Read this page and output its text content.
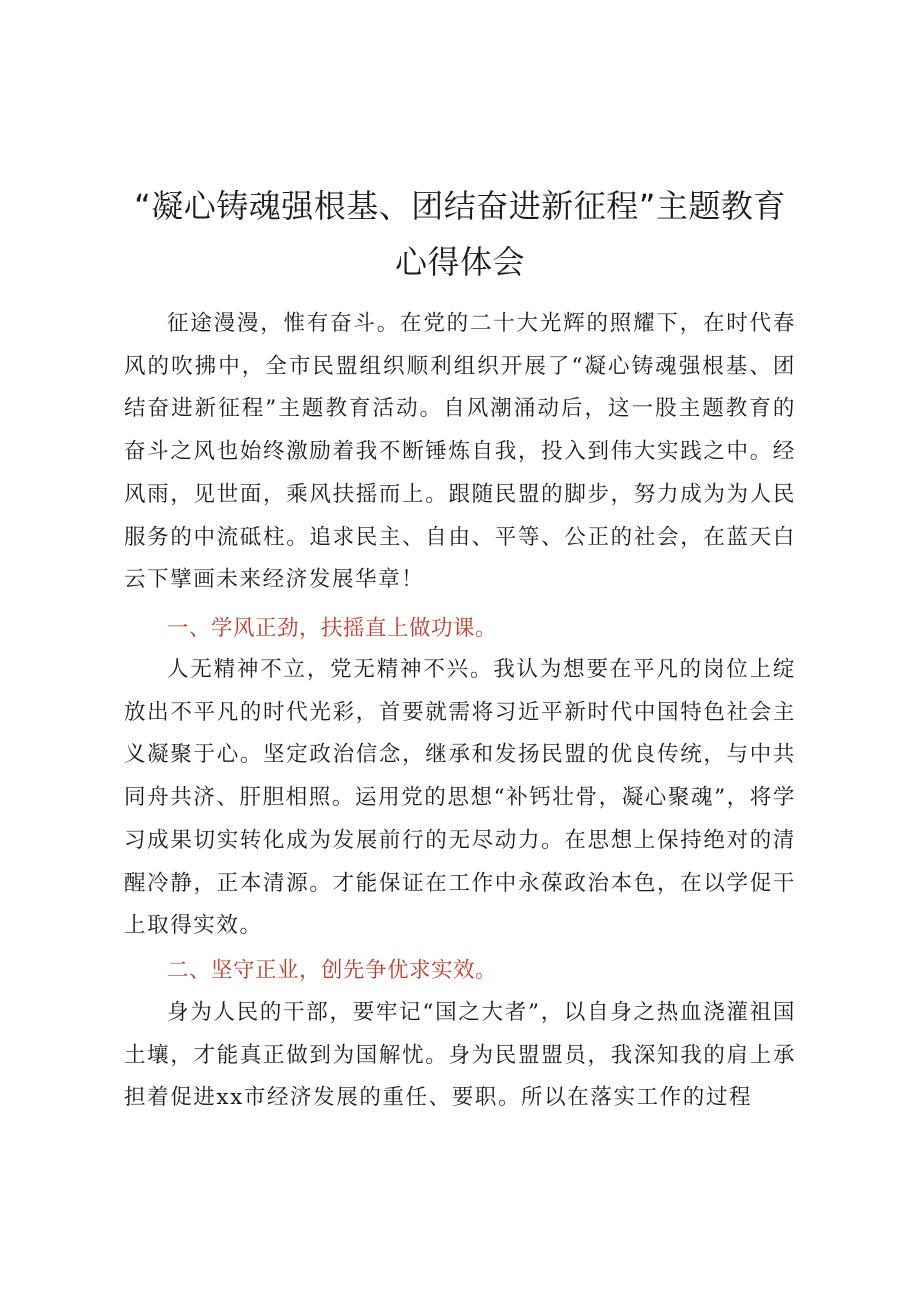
“凝心铸魂强根基、团结奋进新征程”主题教育心得体会

征途漫漫，惟有奋斗。在党的二十大光辉的照耀下，在时代春风的吹拂中，全市民盟组织顺利组织开展了“凝心铸魂强根基、团结奋进新征程”主题教育活动。自风潮涌动后，这一股主题教育的奋斗之风也始终激励着我不断锤炼自我，投入到伟大实践之中。经风雨，见世面，乘风扶摇而上。跟随民盟的脚步，努力成为为人民服务的中流砥柱。追求民主、自由、平等、公正的社会，在蓝天白云下擘画未来经济发展华章！

一、学风正劲，扶摇直上做功课。

人无精神不立，党无精神不兴。我认为想要在平凡的岗位上绽放出不平凡的时代光彩，首要就需将习近平新时代中国特色社会主义凝聚于心。坚定政治信念，继承和发扬民盟的优良传统，与中共同舟共济、肝胆相照。运用党的思想“补钙壮骨，凝心聚魂”，将学习成果切实转化成为发展前行的无尽动力。在思想上保持绝对的清醒冷静，正本清源。才能保证在工作中永葆政治本色，在以学促干上取得实效。

二、坚守正业，创先争优求实效。

身为人民的干部，要牢记“国之大者”，以自身之热血浇灌祖国土壤，才能真正做到为国解忧。身为民盟盟员，我深知我的肩上承担着促进xx市经济发展的重任、要职。所以在落实工作的过程
